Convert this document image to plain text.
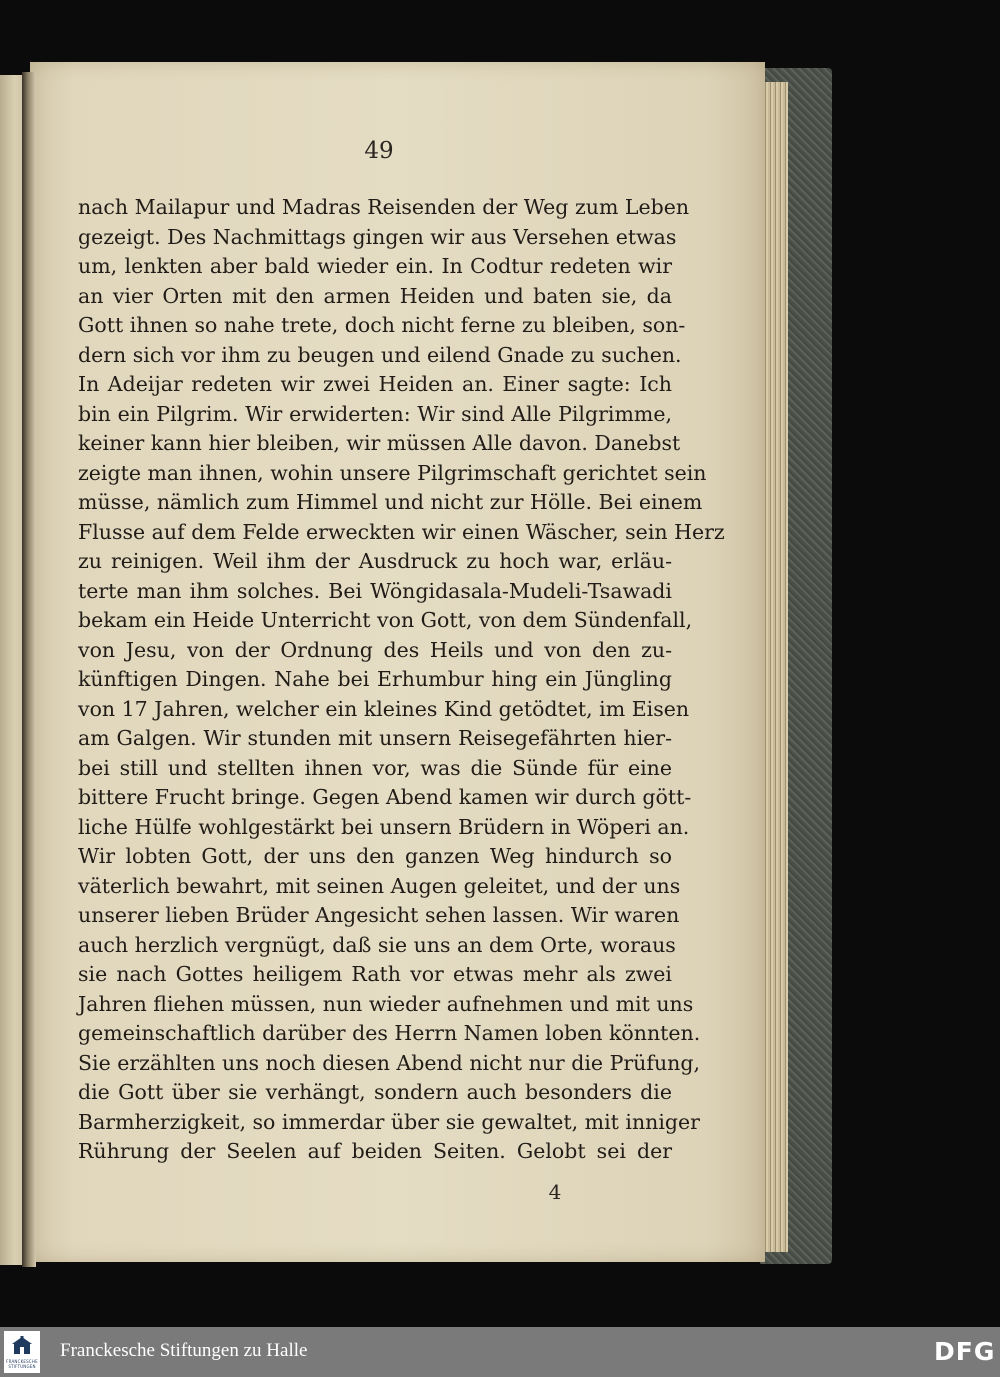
49
nach Mailapur und Madras Reisenden der Weg zum Leben
gezeigt. Des Nachmittags gingen wir aus Versehen etwas
um, lenkten aber bald wieder ein. In Codtur redeten wir
an vier Orten mit den armen Heiden und baten sie, da
Gott ihnen so nahe trete, doch nicht ferne zu bleiben, son-
dern sich vor ihm zu beugen und eilend Gnade zu suchen.
In Adeijar redeten wir zwei Heiden an. Einer sagte: Ich
bin ein Pilgrim. Wir erwiderten: Wir sind Alle Pilgrimme,
keiner kann hier bleiben, wir müssen Alle davon. Danebst
zeigte man ihnen, wohin unsere Pilgrimschaft gerichtet sein
müsse, nämlich zum Himmel und nicht zur Hölle. Bei einem
Flusse auf dem Felde erweckten wir einen Wäscher, sein Herz
zu reinigen. Weil ihm der Ausdruck zu hoch war, erläu-
terte man ihm solches. Bei Wöngidasala-Mudeli-Tsawadi
bekam ein Heide Unterricht von Gott, von dem Sündenfall,
von Jesu, von der Ordnung des Heils und von den zu-
künftigen Dingen. Nahe bei Erhumbur hing ein Jüngling
von 17 Jahren, welcher ein kleines Kind getödtet, im Eisen
am Galgen. Wir stunden mit unsern Reisegefährten hier-
bei still und stellten ihnen vor, was die Sünde für eine
bittere Frucht bringe. Gegen Abend kamen wir durch gött-
liche Hülfe wohlgestärkt bei unsern Brüdern in Wöperi an.
Wir lobten Gott, der uns den ganzen Weg hindurch so
väterlich bewahrt, mit seinen Augen geleitet, und der uns
unserer lieben Brüder Angesicht sehen lassen. Wir waren
auch herzlich vergnügt, daß sie uns an dem Orte, woraus
sie nach Gottes heiligem Rath vor etwas mehr als zwei
Jahren fliehen müssen, nun wieder aufnehmen und mit uns
gemeinschaftlich darüber des Herrn Namen loben könnten.
Sie erzählten uns noch diesen Abend nicht nur die Prüfung,
die Gott über sie verhängt, sondern auch besonders die
Barmherzigkeit, so immerdar über sie gewaltet, mit inniger
Rührung der Seelen auf beiden Seiten. Gelobt sei der
4
FRANCKESCHE
STIFTUNGEN
Franckesche Stiftungen zu Halle	DFG
